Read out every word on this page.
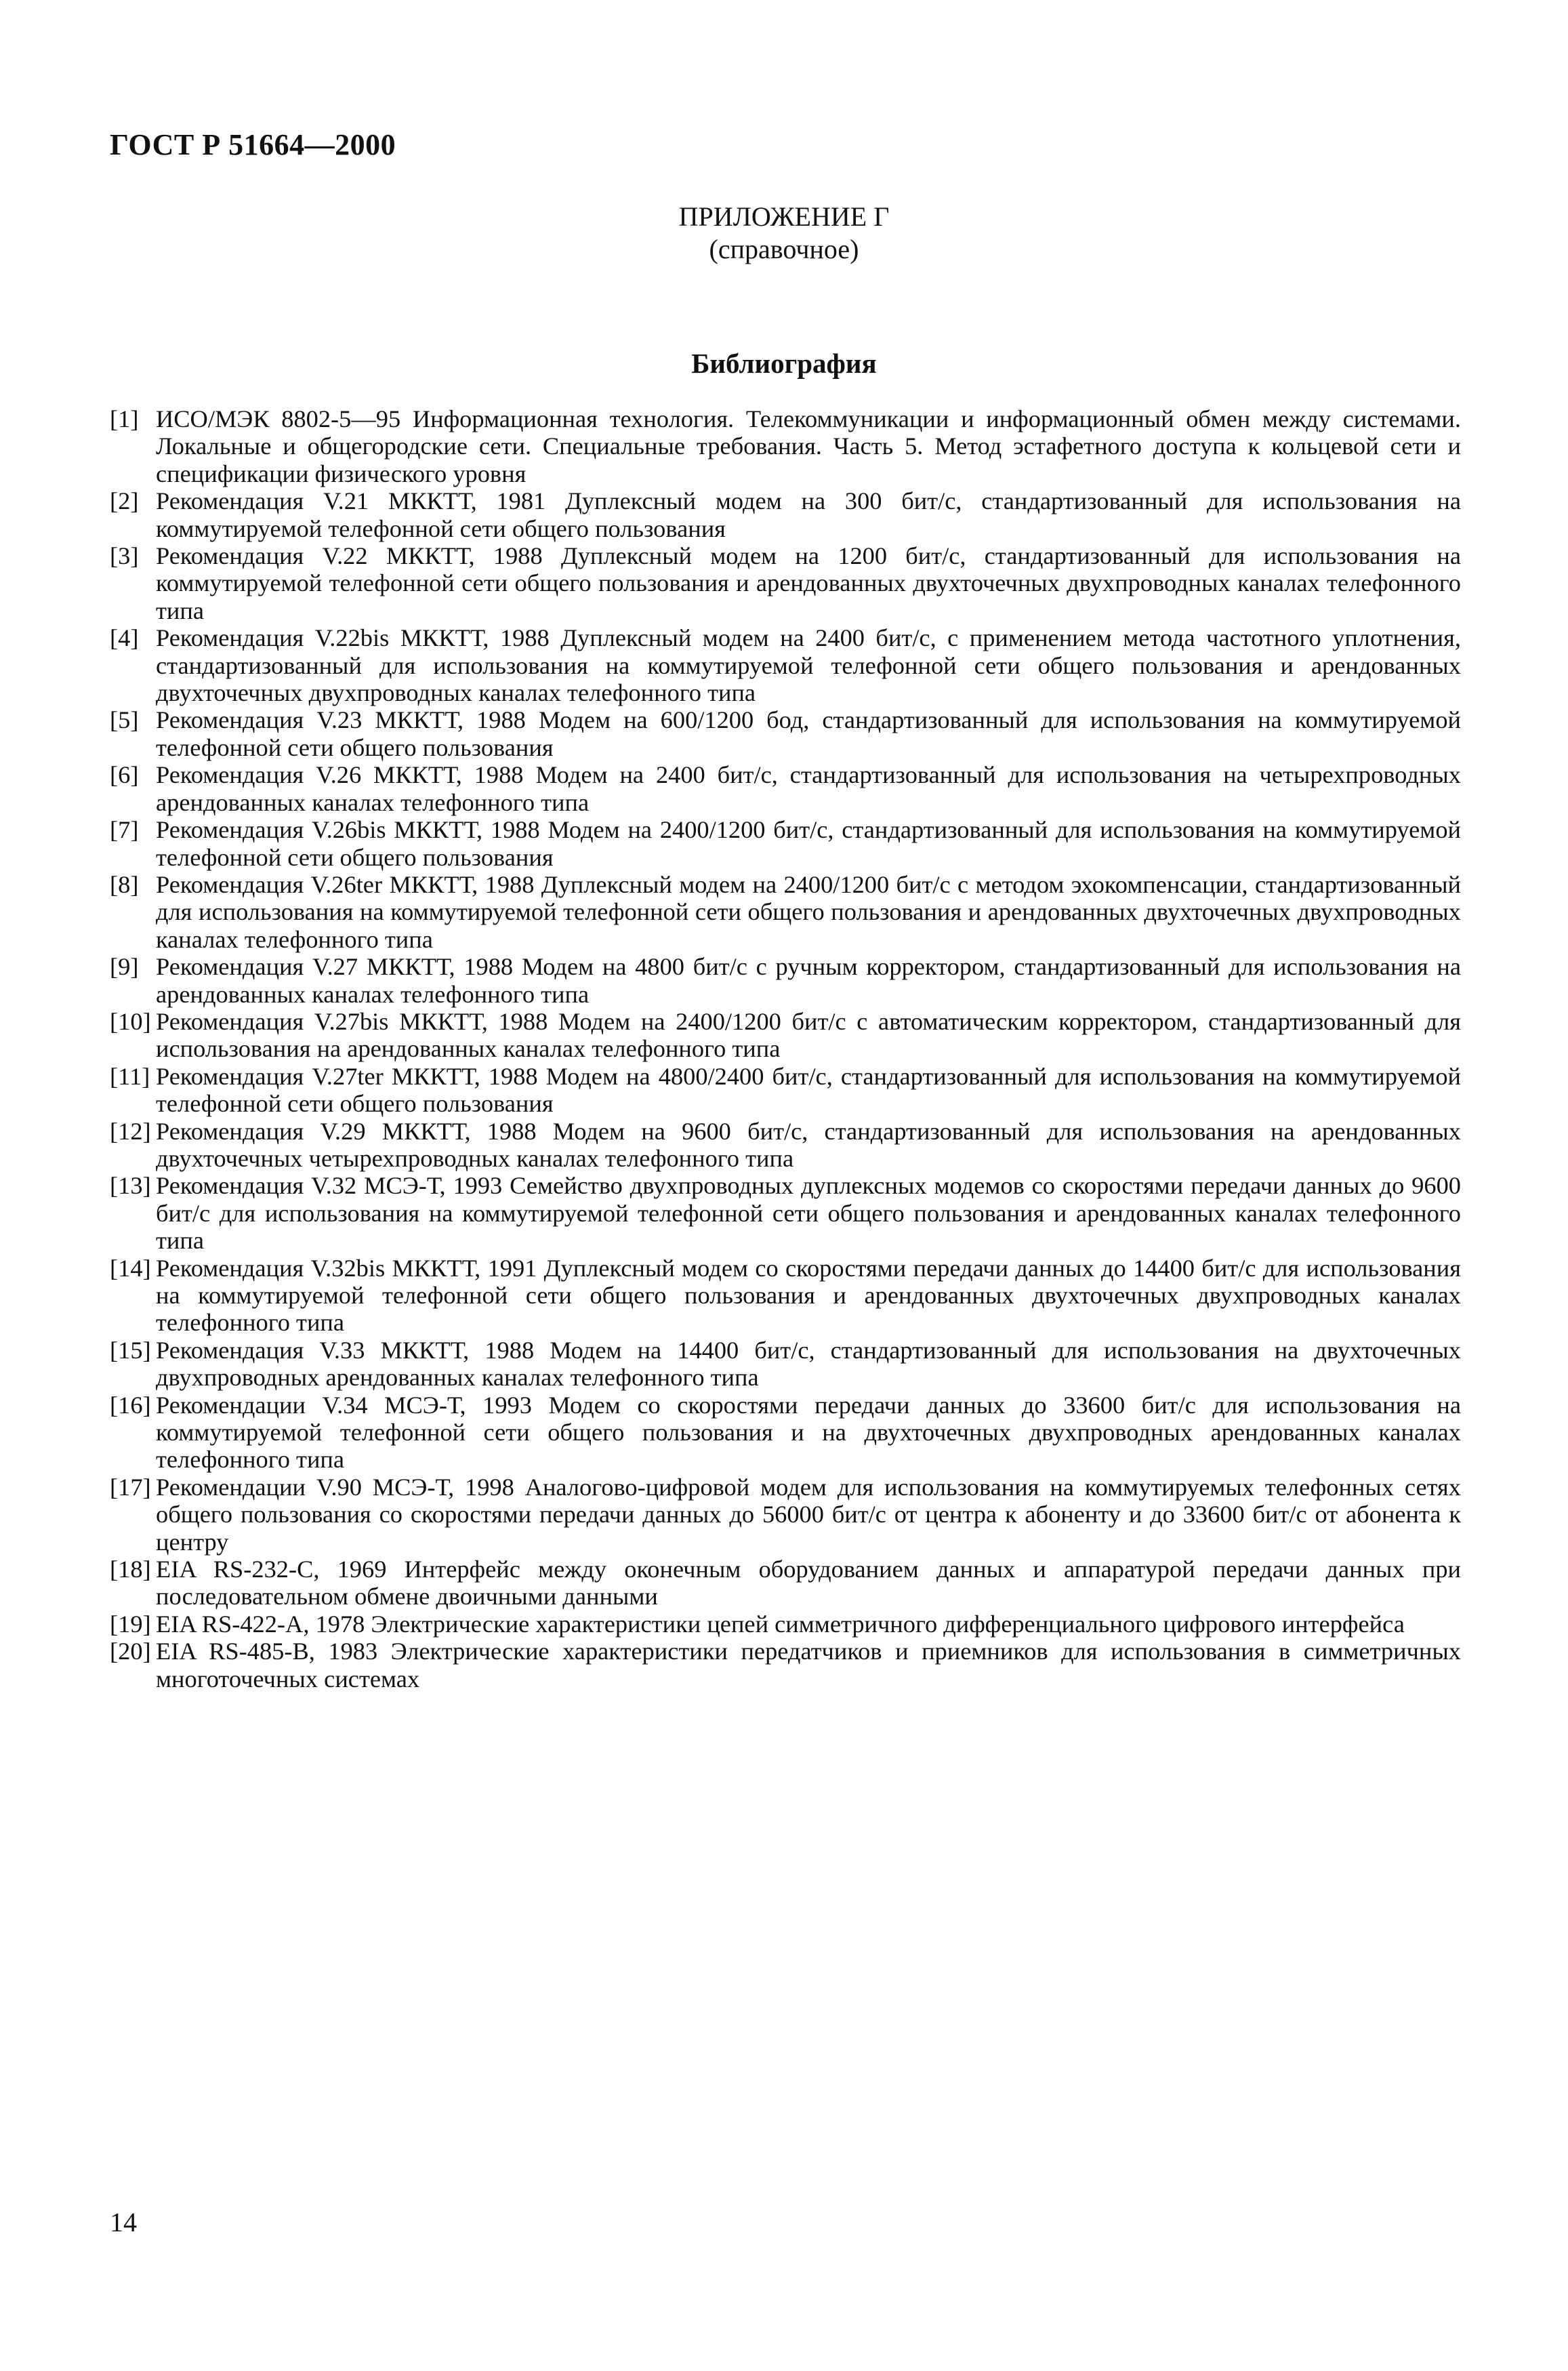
ГОСТ Р 51664—2000
ПРИЛОЖЕНИЕ Г
(справочное)
Библиография
[1] ИСО/МЭК 8802-5—95 Информационная технология. Телекоммуникации и информационный обмен между системами. Локальные и общегородские сети. Специальные требования. Часть 5. Метод эстафетного доступа к кольцевой сети и спецификации физического уровня
[2] Рекомендация V.21 МККТТ, 1981 Дуплексный модем на 300 бит/с, стандартизованный для использования на коммутируемой телефонной сети общего пользования
[3] Рекомендация V.22 МККТТ, 1988 Дуплексный модем на 1200 бит/с, стандартизованный для использования на коммутируемой телефонной сети общего пользования и арендованных двухточечных двухпроводных каналах телефонного типа
[4] Рекомендация V.22bis МККТТ, 1988 Дуплексный модем на 2400 бит/с, с применением метода частотного уплотнения, стандартизованный для использования на коммутируемой телефонной сети общего пользования и арендованных двухточечных двухпроводных каналах телефонного типа
[5] Рекомендация V.23 МККТТ, 1988 Модем на 600/1200 бод, стандартизованный для использования на коммутируемой телефонной сети общего пользования
[6] Рекомендация V.26 МККТТ, 1988 Модем на 2400 бит/с, стандартизованный для использования на четырехпроводных арендованных каналах телефонного типа
[7] Рекомендация V.26bis МККТТ, 1988 Модем на 2400/1200 бит/с, стандартизованный для использования на коммутируемой телефонной сети общего пользования
[8] Рекомендация V.26ter МККТТ, 1988 Дуплексный модем на 2400/1200 бит/с с методом эхокомпенсации, стандартизованный для использования на коммутируемой телефонной сети общего пользования и арендованных двухточечных двухпроводных каналах телефонного типа
[9] Рекомендация V.27 МККТТ, 1988 Модем на 4800 бит/с с ручным корректором, стандартизованный для использования на арендованных каналах телефонного типа
[10] Рекомендация V.27bis МККТТ, 1988 Модем на 2400/1200 бит/с с автоматическим корректором, стандартизованный для использования на арендованных каналах телефонного типа
[11] Рекомендация V.27ter МККТТ, 1988 Модем на 4800/2400 бит/с, стандартизованный для использования на коммутируемой телефонной сети общего пользования
[12] Рекомендация V.29 МККТТ, 1988 Модем на 9600 бит/с, стандартизованный для использования на арендованных двухточечных четырехпроводных каналах телефонного типа
[13] Рекомендация V.32 МСЭ-Т, 1993 Семейство двухпроводных дуплексных модемов со скоростями передачи данных до 9600 бит/с для использования на коммутируемой телефонной сети общего пользования и арендованных каналах телефонного типа
[14] Рекомендация V.32bis МККТТ, 1991 Дуплексный модем со скоростями передачи данных до 14400 бит/с для использования на коммутируемой телефонной сети общего пользования и арендованных двухточечных двухпроводных каналах телефонного типа
[15] Рекомендация V.33 МККТТ, 1988 Модем на 14400 бит/с, стандартизованный для использования на двухточечных двухпроводных арендованных каналах телефонного типа
[16] Рекомендации V.34 МСЭ-Т, 1993 Модем со скоростями передачи данных до 33600 бит/с для использования на коммутируемой телефонной сети общего пользования и на двухточечных двухпроводных арендованных каналах телефонного типа
[17] Рекомендации V.90 МСЭ-Т, 1998 Аналогово-цифровой модем для использования на коммутируемых телефонных сетях общего пользования со скоростями передачи данных до 56000 бит/с от центра к абоненту и до 33600 бит/с от абонента к центру
[18] EIA RS-232-C, 1969 Интерфейс между оконечным оборудованием данных и аппаратурой передачи данных при последовательном обмене двоичными данными
[19] EIA RS-422-A, 1978 Электрические характеристики цепей симметричного дифференциального цифрового интерфейса
[20] EIA RS-485-B, 1983 Электрические характеристики передатчиков и приемников для использования в симметричных многоточечных системах
14
